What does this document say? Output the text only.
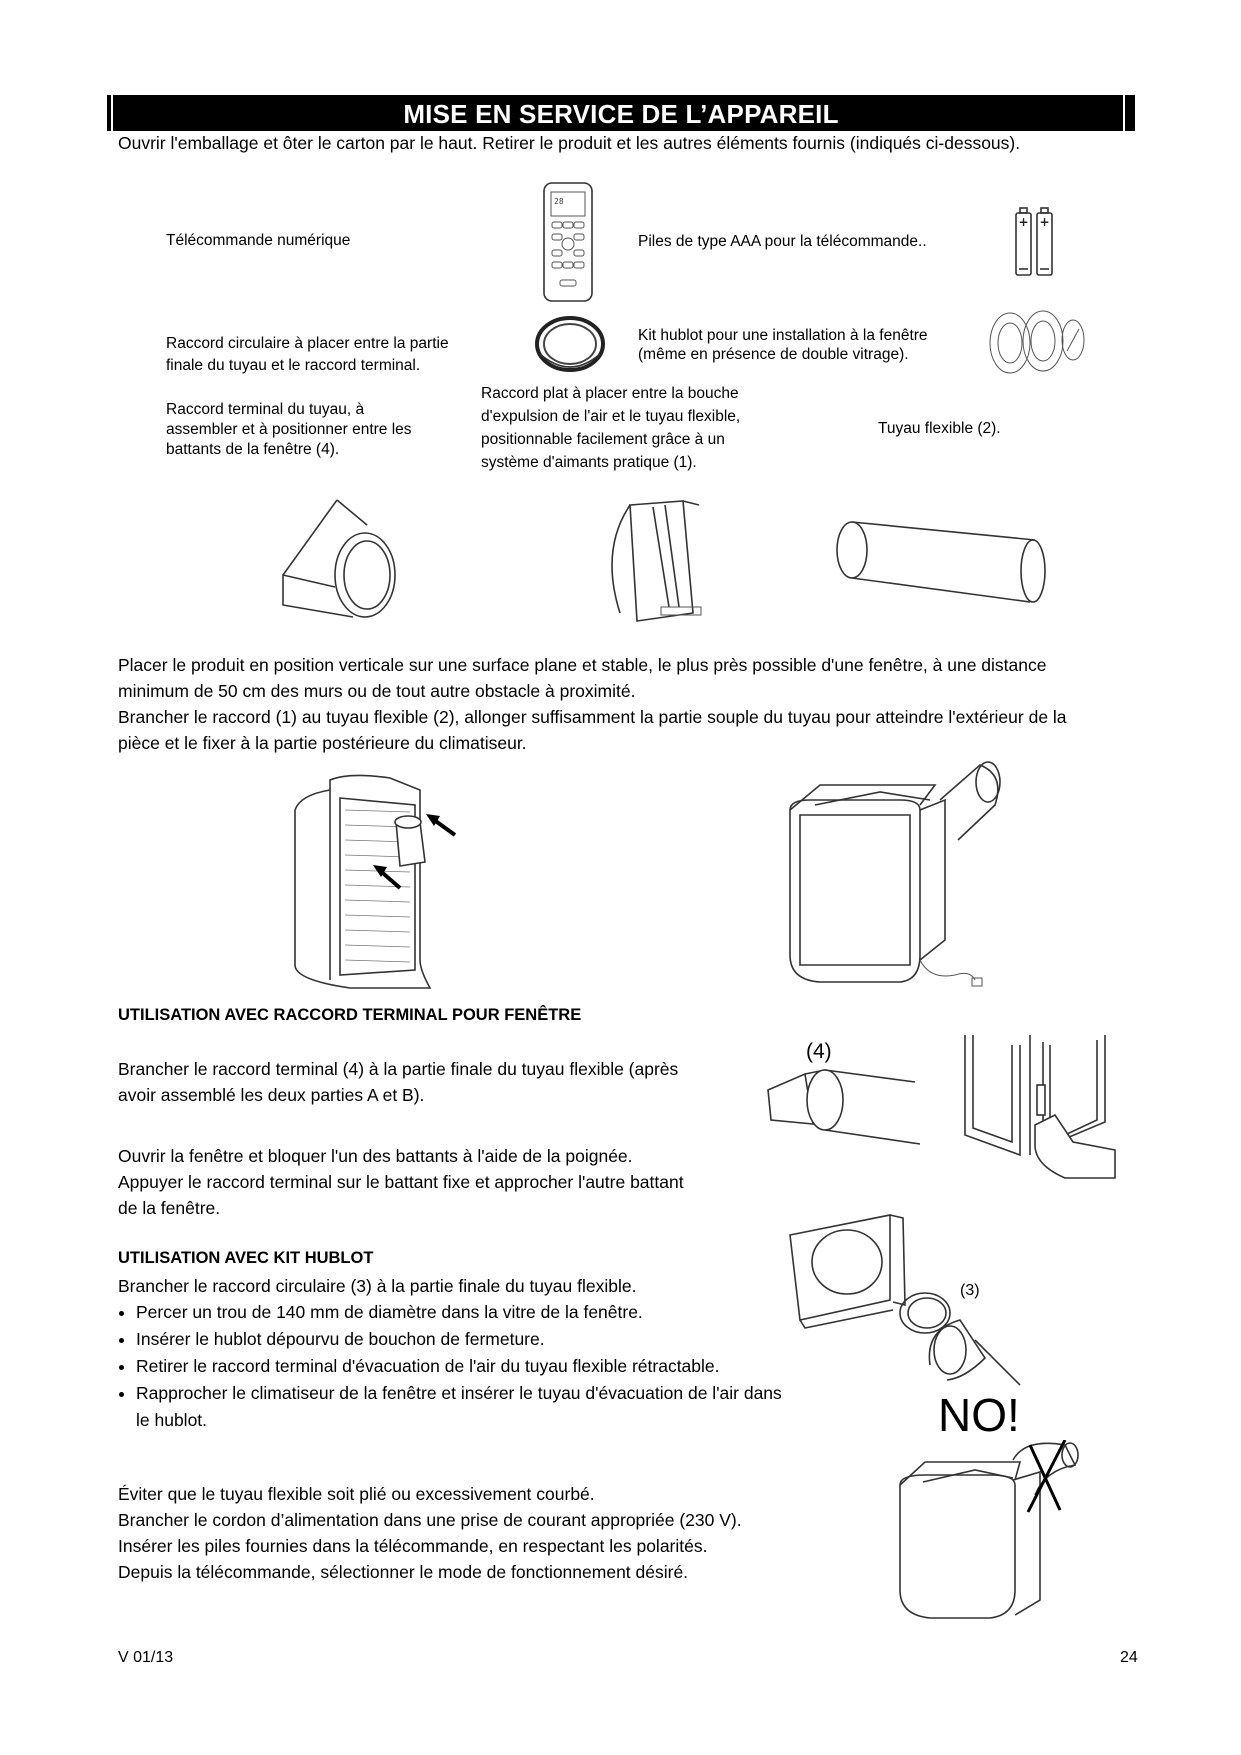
MISE EN SERVICE DE L’APPAREIL
Ouvrir l'emballage et ôter le carton par le haut. Retirer le produit et les autres éléments fournis (indiqués ci-dessous).
Télécommande numérique	Piles de type AAA pour la télécommande..
Raccord circulaire à placer entre la partie
finale du tuyau et le raccord terminal.
Kit hublot pour une installation à la fenêtre
(même en présence de double vitrage).
Raccord terminal du tuyau, à
assembler et à positionner entre les
battants de la fenêtre (4).
Raccord plat à placer entre la bouche
d'expulsion de l'air et le tuyau flexible,
positionnable facilement grâce à un
système d'aimants pratique (1).
Tuyau flexible (2).
28
+ +
Placer le produit en position verticale sur une surface plane et stable, le plus près possible d'une fenêtre, à une distance
minimum de 50 cm des murs ou de tout autre obstacle à proximité.
Brancher le raccord (1) au tuyau flexible (2), allonger suffisamment la partie souple du tuyau pour atteindre l'extérieur de la
pièce et le fixer à la partie postérieure du climatiseur.
UTILISATION AVEC RACCORD TERMINAL POUR FENÊTRE
Brancher le raccord terminal (4) à la partie finale du tuyau flexible (après
avoir assemblé les deux parties A et B).
Ouvrir la fenêtre et bloquer l'un des battants à l'aide de la poignée.
Appuyer le raccord terminal sur le battant fixe et approcher l'autre battant
de la fenêtre.
(4)
UTILISATION AVEC KIT HUBLOT
Brancher le raccord circulaire (3) à la partie finale du tuyau flexible.
• Percer un trou de 140 mm de diamètre dans la vitre de la fenêtre.
• Insérer le hublot dépourvu de bouchon de fermeture.
• Retirer le raccord terminal d'évacuation de l'air du tuyau flexible rétractable.
• Rapprocher le climatiseur de la fenêtre et insérer le tuyau d'évacuation de l'air dans le hublot.
(3)
NO!
Éviter que le tuyau flexible soit plié ou excessivement courbé.
Brancher le cordon d’alimentation dans une prise de courant appropriée (230 V).
Insérer les piles fournies dans la télécommande, en respectant les polarités.
Depuis la télécommande, sélectionner le mode de fonctionnement désiré.
V 01/13	24
